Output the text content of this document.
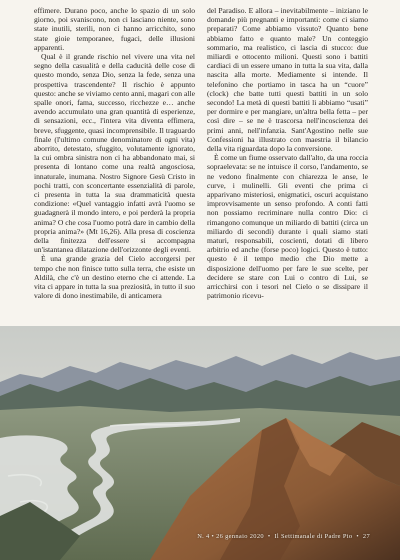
effimere. Durano poco, anche lo spazio di un solo giorno, poi svaniscono, non ci lasciano niente, sono state inutili, sterili, non ci hanno arricchito, sono state gioie temporanee, fugaci, delle illusioni apparenti.

Qual è il grande rischio nel vivere una vita nel segno della casualità e della caducità delle cose di questo mondo, senza Dio, senza la fede, senza una prospettiva trascendente? Il rischio è appunto questo: anche se viviamo cento anni, magari con alle spalle onori, fama, successo, ricchezze e… anche avendo accumulato una gran quantità di esperienze, di sensazioni, ecc., l'intera vita diventa effimera, breve, sfuggente, quasi incomprensibile. Il traguardo finale (l'ultimo comune denominatore di ogni vita) aborrito, detestato, sfuggito, volutamente ignorato, la cui ombra sinistra non ci ha abbandonato mai, si presenta di lontano come una realtà angosciosa, innaturale, inumana. Nostro Signore Gesù Cristo in pochi tratti, con sconcertante essenzialità di parole, ci presenta in tutta la sua drammaticità questa condizione: «Quel vantaggio infatti avrà l'uomo se guadagnerà il mondo intero, e poi perderà la propria anima? O che cosa l'uomo potrà dare in cambio della propria anima?» (Mt 16,26). Alla presa di coscienza della finitezza dell'essere si accompagna un'istantanea dilatazione dell'orizzonte degli eventi.

È una grande grazia del Cielo accorgersi per tempo che non finisce tutto sulla terra, che esiste un Aldilà, che c'è un destino eterno che ci attende. La vita ci appare in tutta la sua preziosità, in tutto il suo valore di dono inestimabile, di anticamera

del Paradiso. E allora – inevitabilmente – iniziano le domande più pregnanti e importanti: come ci siamo preparati? Come abbiamo vissuto? Quanto bene abbiamo fatto e quanto male? Un conteggio sommario, ma realistico, ci lascia di stucco: due miliardi e ottocento milioni. Questi sono i battiti cardiaci di un essere umano in tutta la sua vita, dalla nascita alla morte. Mediamente si intende. Il telefonino che portiamo in tasca ha un “cuore” (clock) che batte tutti questi battiti in un solo secondo! La metà di questi battiti li abbiamo “usati” per dormire e per mangiare, un'altra bella fetta – per così dire – se ne è trascorsa nell'incoscienza dei primi anni, nell'infanzia. Sant'Agostino nelle sue Confessioni ha illustrato con maestria il bilancio della vita riguardata dopo la conversione.

È come un fiume osservato dall'alto, da una roccia sopraelevata: se ne intuisce il corso, l'andamento, se ne vedono finalmente con chiarezza le anse, le curve, i mulinelli. Gli eventi che prima ci apparivano misteriosi, enigmatici, oscuri acquistano improvvisamente un senso profondo. A conti fatti non possiamo recriminare nulla contro Dio: ci rimangono comunque un miliardo di battiti (circa un miliardo di secondi) durante i quali siamo stati maturi, responsabili, coscienti, dotati di libero arbitrio ed anche (forse poco) logici. Questo è tutto: questo è il tempo medio che Dio mette a disposizione dell'uomo per fare le sue scelte, per decidere se stare con Lui o contro di Lui, se arricchirsi con i tesori nel Cielo o se dissipare il patrimonio ricevu-

N. 4 • 26 gennaio 2020 • Il Settimanale di Padre Pio • 27
